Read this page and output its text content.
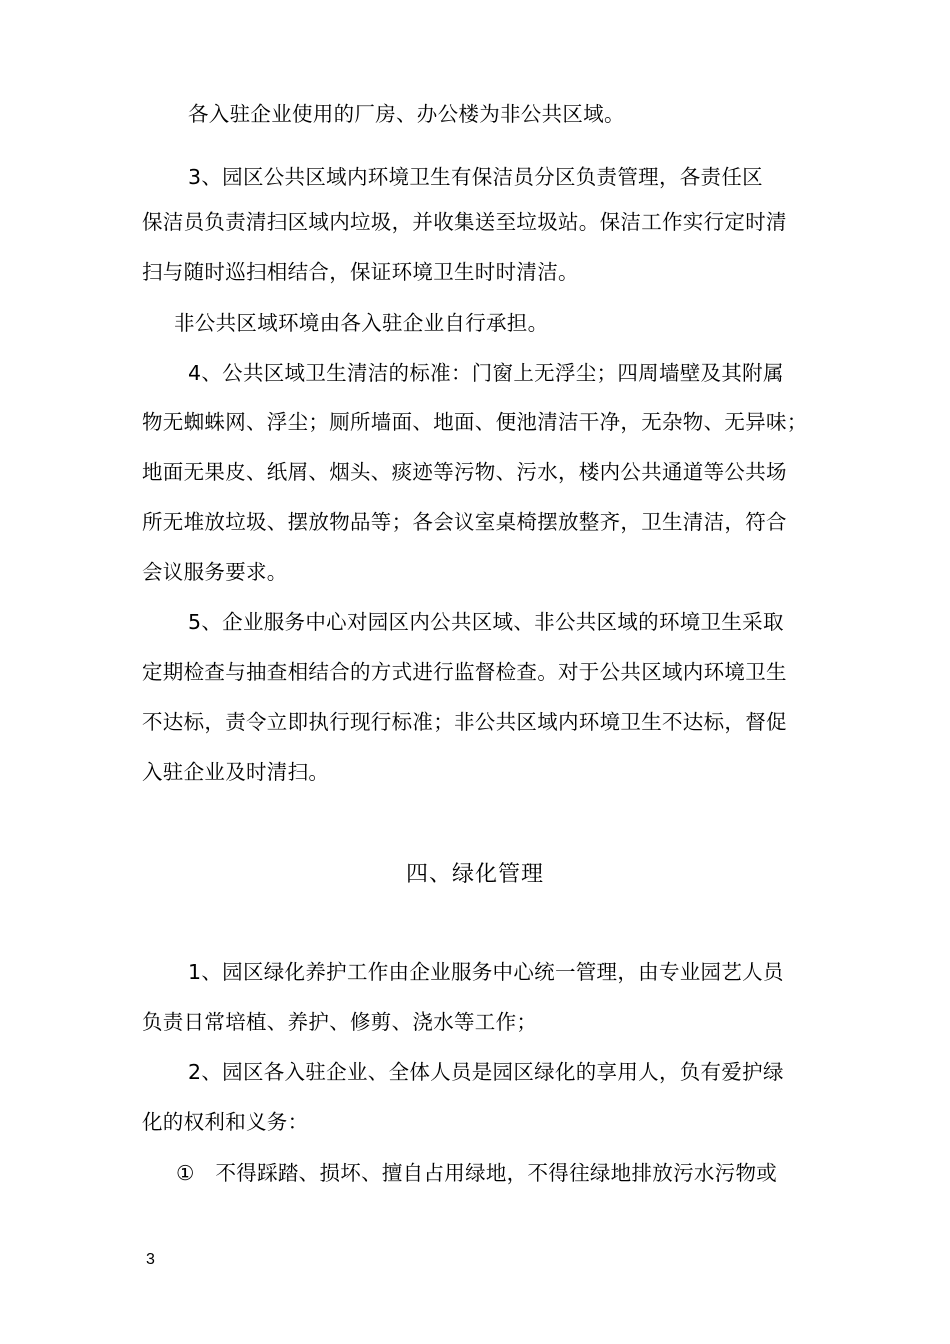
各入驻企业使用的厂房、办公楼为非公共区域。
3、园区公共区域内环境卫生有保洁员分区负责管理，各责任区
保洁员负责清扫区域内垃圾，并收集送至垃圾站。保洁工作实行定时清
扫与随时巡扫相结合，保证环境卫生时时清洁。
非公共区域环境由各入驻企业自行承担。
4、公共区域卫生清洁的标准：门窗上无浮尘；四周墙壁及其附属
物无蜘蛛网、浮尘；厕所墙面、地面、便池清洁干净，无杂物、无异味；
地面无果皮、纸屑、烟头、痰迹等污物、污水，楼内公共通道等公共场
所无堆放垃圾、摆放物品等；各会议室桌椅摆放整齐，卫生清洁，符合
会议服务要求。
5、企业服务中心对园区内公共区域、非公共区域的环境卫生采取
定期检查与抽查相结合的方式进行监督检查。对于公共区域内环境卫生
不达标，责令立即执行现行标准；非公共区域内环境卫生不达标，督促
入驻企业及时清扫。
四、绿化管理
1、园区绿化养护工作由企业服务中心统一管理，由专业园艺人员
负责日常培植、养护、修剪、浇水等工作；
2、园区各入驻企业、全体人员是园区绿化的享用人，负有爱护绿
化的权利和义务：
①　不得踩踏、损坏、擅自占用绿地，不得往绿地排放污水污物或
3
